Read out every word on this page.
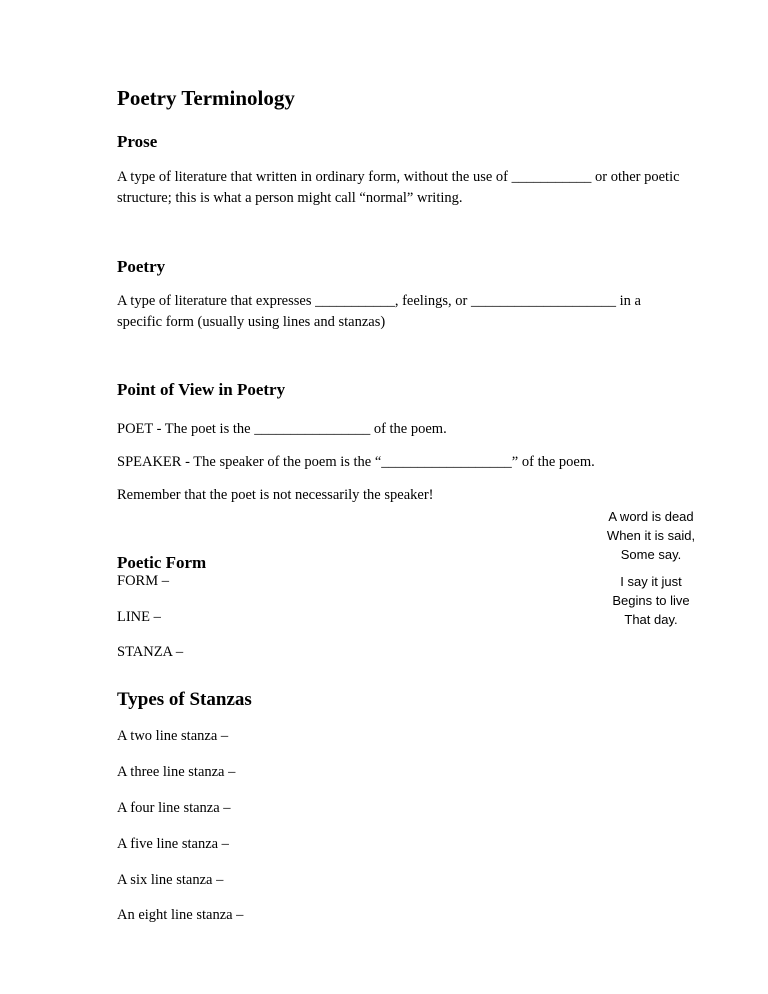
Poetry Terminology
Prose
A type of literature that written in ordinary form, without the use of ___________ or other poetic
structure; this is what a person might call “normal” writing.
Poetry
A type of literature that expresses ___________, feelings, or ____________________ in a
specific form (usually using lines and stanzas)
Point of View in Poetry
POET - The poet is the ________________ of the poem.
SPEAKER - The speaker of the poem is the “__________________” of the poem.
Remember that the poet is not necessarily the speaker!
Poetic Form
FORM –
LINE –
STANZA –
A word is dead
When it is said,
Some say.
I say it just
Begins to live
That day.
Types of Stanzas
A two line stanza –
A three line stanza –
A four line stanza –
A five line stanza –
A six line stanza –
An eight line stanza –
